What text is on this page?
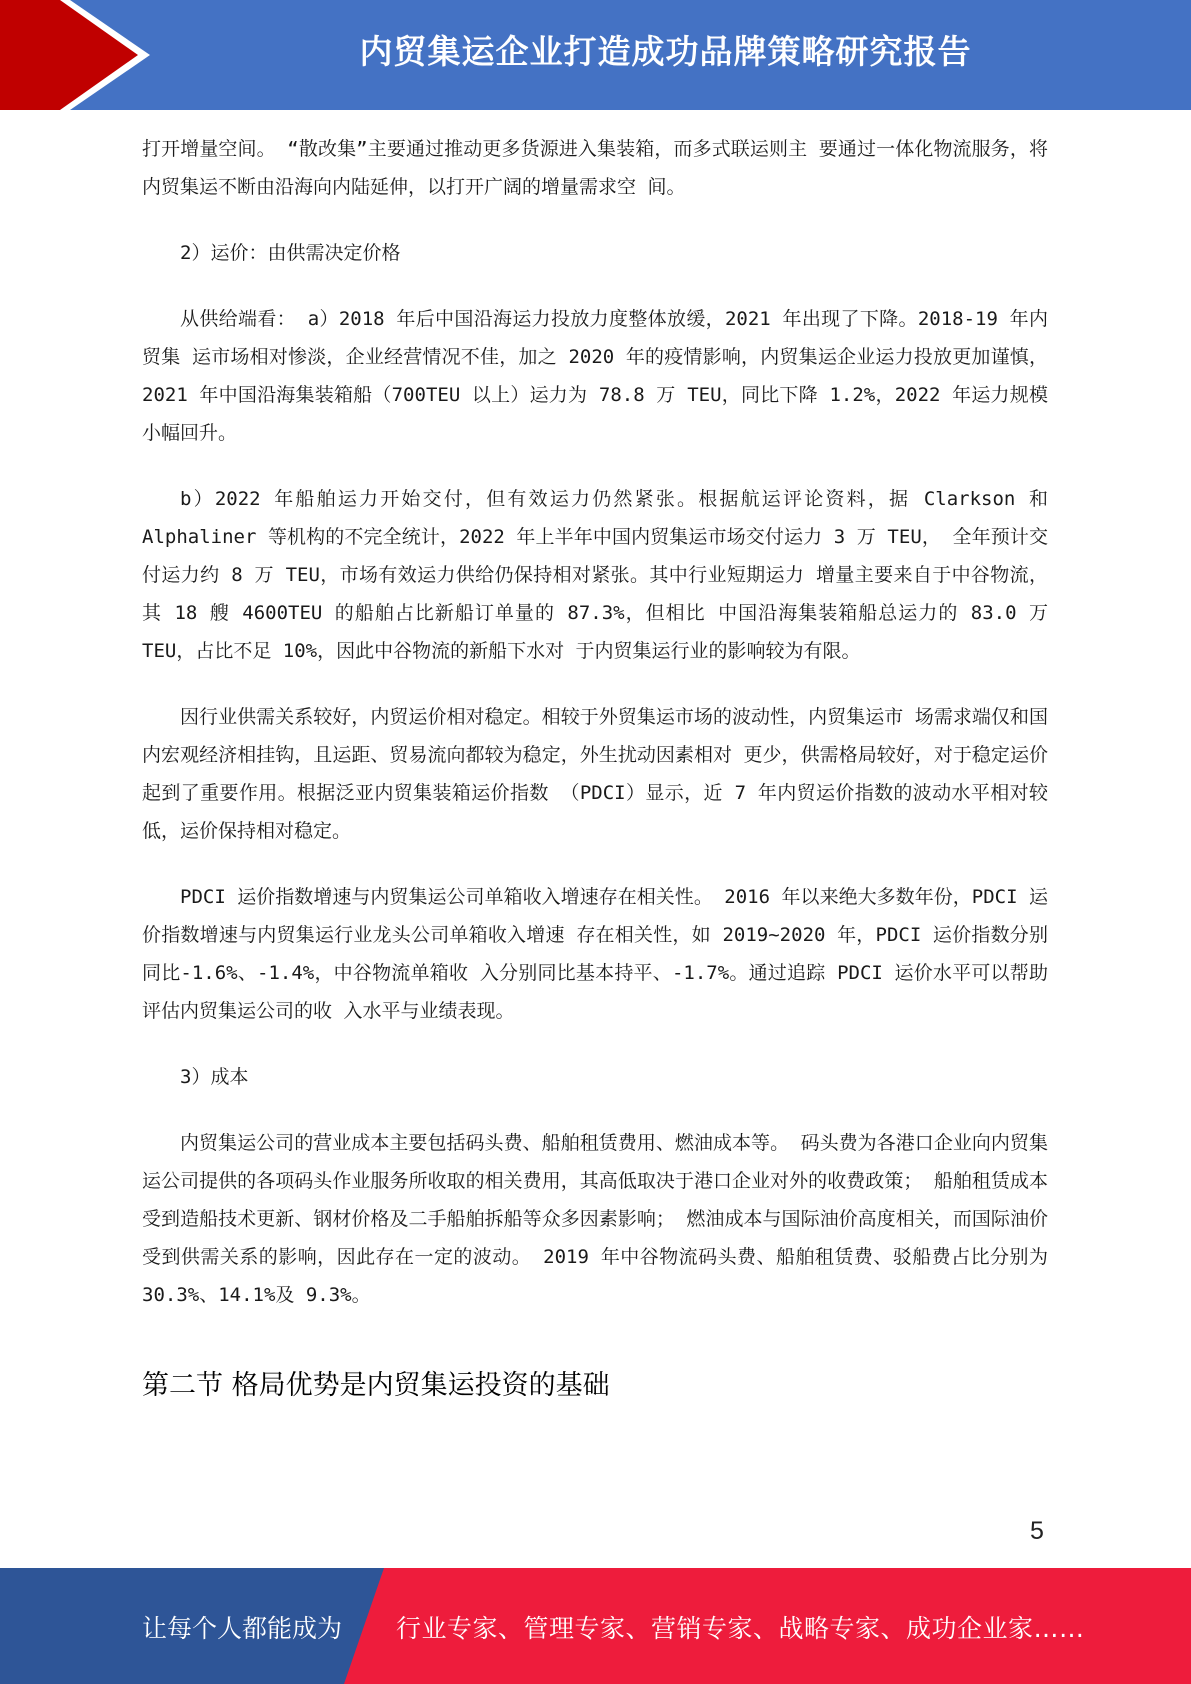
内贸集运企业打造成功品牌策略研究报告

打开增量空间。 “散改集”主要通过推动更多货源进入集装箱，而多式联运则主 要通过一体化物流服务，将内贸集运不断由沿海向内陆延伸，以打开广阔的增量需求空 间。

2）运价：由供需决定价格

从供给端看： a）2018 年后中国沿海运力投放力度整体放缓，2021 年出现了下降。2018-19 年内贸集 运市场相对惨淡，企业经营情况不佳，加之 2020 年的疫情影响，内贸集运企业运力投放更加谨慎， 2021 年中国沿海集装箱船（700TEU 以上）运力为 78.8 万 TEU，同比下降 1.2%，2022 年运力规模小幅回升。

b）2022 年船舶运力开始交付，但有效运力仍然紧张。根据航运评论资料，据 Clarkson 和 Alphaliner 等机构的不完全统计，2022 年上半年中国内贸集运市场交付运力 3 万 TEU， 全年预计交付运力约 8 万 TEU，市场有效运力供给仍保持相对紧张。其中行业短期运力 增量主要来自于中谷物流，其 18 艘 4600TEU 的船舶占比新船订单量的 87.3%，但相比 中国沿海集装箱船总运力的 83.0 万 TEU，占比不足 10%，因此中谷物流的新船下水对 于内贸集运行业的影响较为有限。

因行业供需关系较好，内贸运价相对稳定。相较于外贸集运市场的波动性，内贸集运市 场需求端仅和国内宏观经济相挂钩，且运距、贸易流向都较为稳定，外生扰动因素相对 更少，供需格局较好，对于稳定运价起到了重要作用。根据泛亚内贸集装箱运价指数 （PDCI）显示，近 7 年内贸运价指数的波动水平相对较低，运价保持相对稳定。

PDCI 运价指数增速与内贸集运公司单箱收入增速存在相关性。 2016 年以来绝大多数年份，PDCI 运价指数增速与内贸集运行业龙头公司单箱收入增速 存在相关性，如 2019~2020 年，PDCI 运价指数分别同比-1.6%、-1.4%，中谷物流单箱收 入分别同比基本持平、-1.7%。通过追踪 PDCI 运价水平可以帮助评估内贸集运公司的收 入水平与业绩表现。

3）成本

内贸集运公司的营业成本主要包括码头费、船舶租赁费用、燃油成本等。 码头费为各港口企业向内贸集运公司提供的各项码头作业服务所收取的相关费用，其高低取决于港口企业对外的收费政策； 船舶租赁成本受到造船技术更新、钢材价格及二手船舶拆船等众多因素影响； 燃油成本与国际油价高度相关，而国际油价受到供需关系的影响，因此存在一定的波动。 2019 年中谷物流码头费、船舶租赁费、驳船费占比分别为 30.3%、14.1%及 9.3%。

第二节 格局优势是内贸集运投资的基础
5
让每个人都能成为 行业专家、管理专家、营销专家、战略专家、成功企业家……
